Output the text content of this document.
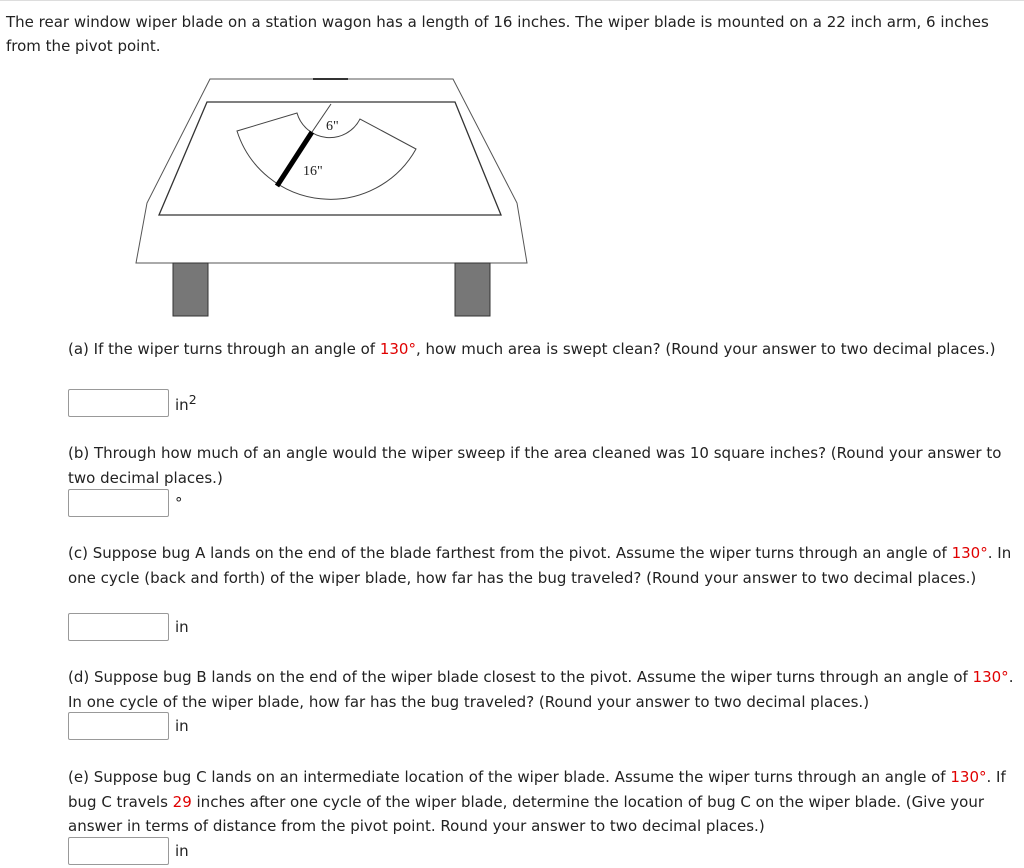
The rear window wiper blade on a station wagon has a length of 16 inches. The wiper blade is mounted on a 22 inch arm, 6 inches from the pivot point.
6"
16"
(a) If the wiper turns through an angle of 130°, how much area is swept clean? (Round your answer to two decimal places.)
$in^2$
(b) Through how much of an angle would the wiper sweep if the area cleaned was 10 square inches? (Round your answer to two decimal places.)
°
(c) Suppose bug A lands on the end of the blade farthest from the pivot. Assume the wiper turns through an angle of 130°. In one cycle (back and forth) of the wiper blade, how far has the bug traveled? (Round your answer to two decimal places.)
in
(d) Suppose bug B lands on the end of the wiper blade closest to the pivot. Assume the wiper turns through an angle of 130°. In one cycle of the wiper blade, how far has the bug traveled? (Round your answer to two decimal places.)
in
(e) Suppose bug C lands on an intermediate location of the wiper blade. Assume the wiper turns through an angle of 130°. If bug C travels 29 inches after one cycle of the wiper blade, determine the location of bug C on the wiper blade. (Give your answer in terms of distance from the pivot point. Round your answer to two decimal places.)
in
